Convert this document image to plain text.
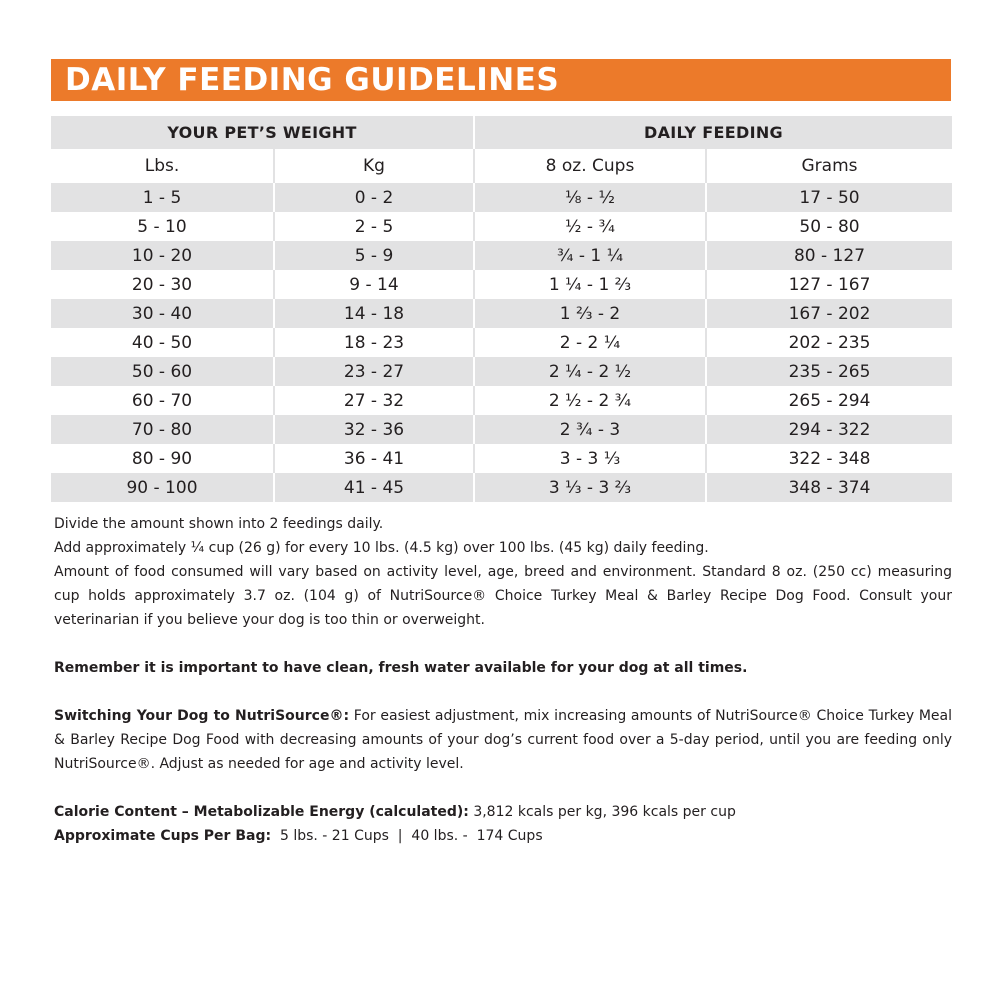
DAILY FEEDING GUIDELINES
YOUR PET’S WEIGHT		DAILY FEEDING	
Lbs.	Kg	8 oz. Cups	Grams
1 - 5	0 - 2	⅛ - ½	17 - 50
5 - 10	2 - 5	½ - ¾	50 - 80
10 - 20	5 - 9	¾ - 1 ¼	80 - 127
20 - 30	9 - 14	1 ¼ - 1 ⅔	127 - 167
30 - 40	14 - 18	1 ⅔ - 2	167 - 202
40 - 50	18 - 23	2 - 2 ¼	202 - 235
50 - 60	23 - 27	2 ¼ - 2 ½	235 - 265
60 - 70	27 - 32	2 ½ - 2 ¾	265 - 294
70 - 80	32 - 36	2 ¾ - 3	294 - 322
80 - 90	36 - 41	3 - 3 ⅓	322 - 348
90 - 100	41 - 45	3 ⅓ - 3 ⅔	348 - 374

Divide the amount shown into 2 feedings daily.

Add approximately ¼ cup (26 g) for every 10 lbs. (4.5 kg) over 100 lbs. (45 kg) daily feeding.

Amount of food consumed will vary based on activity level, age, breed and environment. Standard 8 oz. (250 cc) measuring cup holds approximately 3.7 oz. (104 g) of NutriSource® Choice Turkey Meal & Barley Recipe Dog Food. Consult your veterinarian if you believe your dog is too thin or overweight.

Remember it is important to have clean, fresh water available for your dog at all times.

Switching Your Dog to NutriSource®: For easiest adjustment, mix increasing amounts of NutriSource® Choice Turkey Meal & Barley Recipe Dog Food with decreasing amounts of your dog’s current food over a 5-day period, until you are feeding only NutriSource®. Adjust as needed for age and activity level.

Calorie Content – Metabolizable Energy (calculated): 3,812 kcals per kg, 396 kcals per cup

Approximate Cups Per Bag:  5 lbs. - 21 Cups  |  40 lbs. -  174 Cups
